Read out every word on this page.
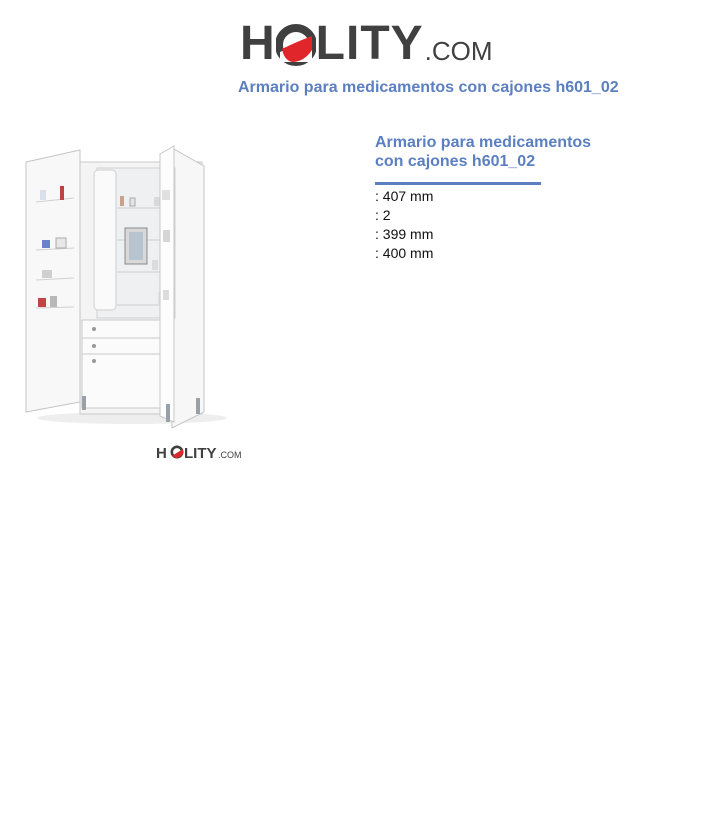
H LITY .COM
Armario para medicamentos con cajones h601_02
H LITY .COM
Armario para medicamentos con cajones h601_02
: 407 mm
: 2
: 399 mm
: 400 mm
